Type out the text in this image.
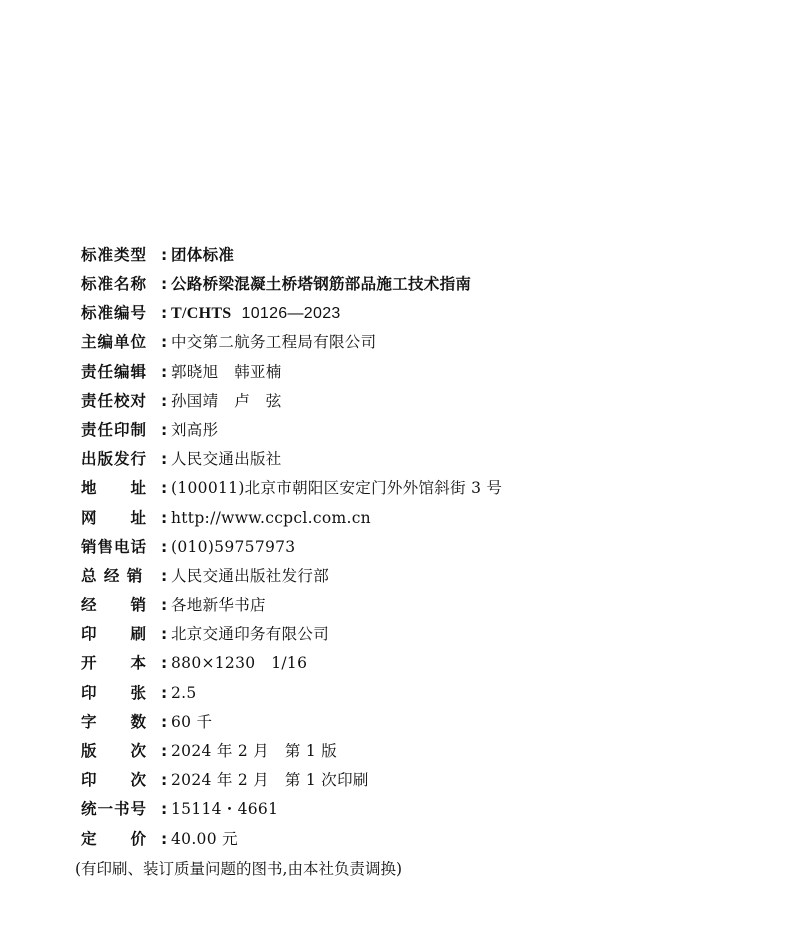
标准类型 : 团体标准
标准名称 : 公路桥梁混凝土桥塔钢筋部品施工技术指南
标准编号 : T/CHTS 10126—2023
主编单位 : 中交第二航务工程局有限公司
责任编辑 : 郭晓旭　韩亚楠
责任校对 : 孙国靖　卢　弦
责任印制 : 刘高彤
出版发行 : 人民交通出版社
地　　址 : (100011)北京市朝阳区安定门外外馆斜街 3 号
网　　址 : http://www.ccpcl.com.cn
销售电话 : (010)59757973
总 经 销	: 人民交通出版社发行部
经　　销 : 各地新华书店
印　　刷 : 北京交通印务有限公司
开　　本 : 880×1230　1/16
印　　张 : 2.5
字　　数 : 60 千
版　　次 : 2024 年 2 月　第 1 版
印　　次 : 2024 年 2 月　第 1 次印刷
统一书号 : 15114・4661
定　　价 : 40.00 元
(有印刷、装订质量问题的图书,由本社负责调换)
